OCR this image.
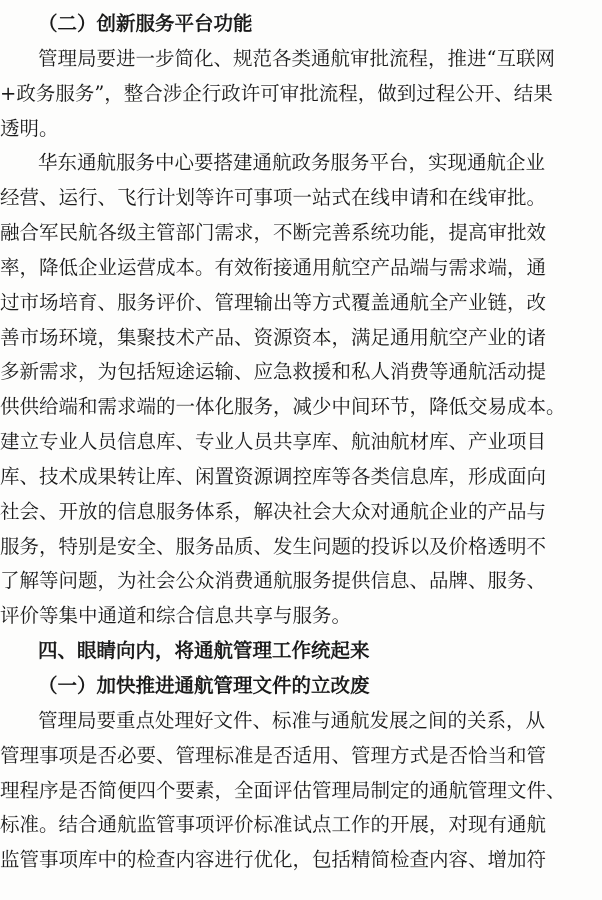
（二）创新服务平台功能
管理局要进一步简化、规范各类通航审批流程，推进“互联网
+政务服务”，整合涉企行政许可审批流程，做到过程公开、结果
透明。
华东通航服务中心要搭建通航政务服务平台，实现通航企业
经营、运行、飞行计划等许可事项一站式在线申请和在线审批。
融合军民航各级主管部门需求，不断完善系统功能，提高审批效
率，降低企业运营成本。有效衔接通用航空产品端与需求端，通
过市场培育、服务评价、管理输出等方式覆盖通航全产业链，改
善市场环境，集聚技术产品、资源资本，满足通用航空产业的诸
多新需求，为包括短途运输、应急救援和私人消费等通航活动提
供供给端和需求端的一体化服务，减少中间环节，降低交易成本。
建立专业人员信息库、专业人员共享库、航油航材库、产业项目
库、技术成果转让库、闲置资源调控库等各类信息库，形成面向
社会、开放的信息服务体系，解决社会大众对通航企业的产品与
服务，特别是安全、服务品质、发生问题的投诉以及价格透明不
了解等问题，为社会公众消费通航服务提供信息、品牌、服务、
评价等集中通道和综合信息共享与服务。
四、眼睛向内，将通航管理工作统起来
（一）加快推进通航管理文件的立改废
管理局要重点处理好文件、标准与通航发展之间的关系，从
管理事项是否必要、管理标准是否适用、管理方式是否恰当和管
理程序是否简便四个要素，全面评估管理局制定的通航管理文件、
标准。结合通航监管事项评价标准试点工作的开展，对现有通航
监管事项库中的检查内容进行优化，包括精简检查内容、增加符
